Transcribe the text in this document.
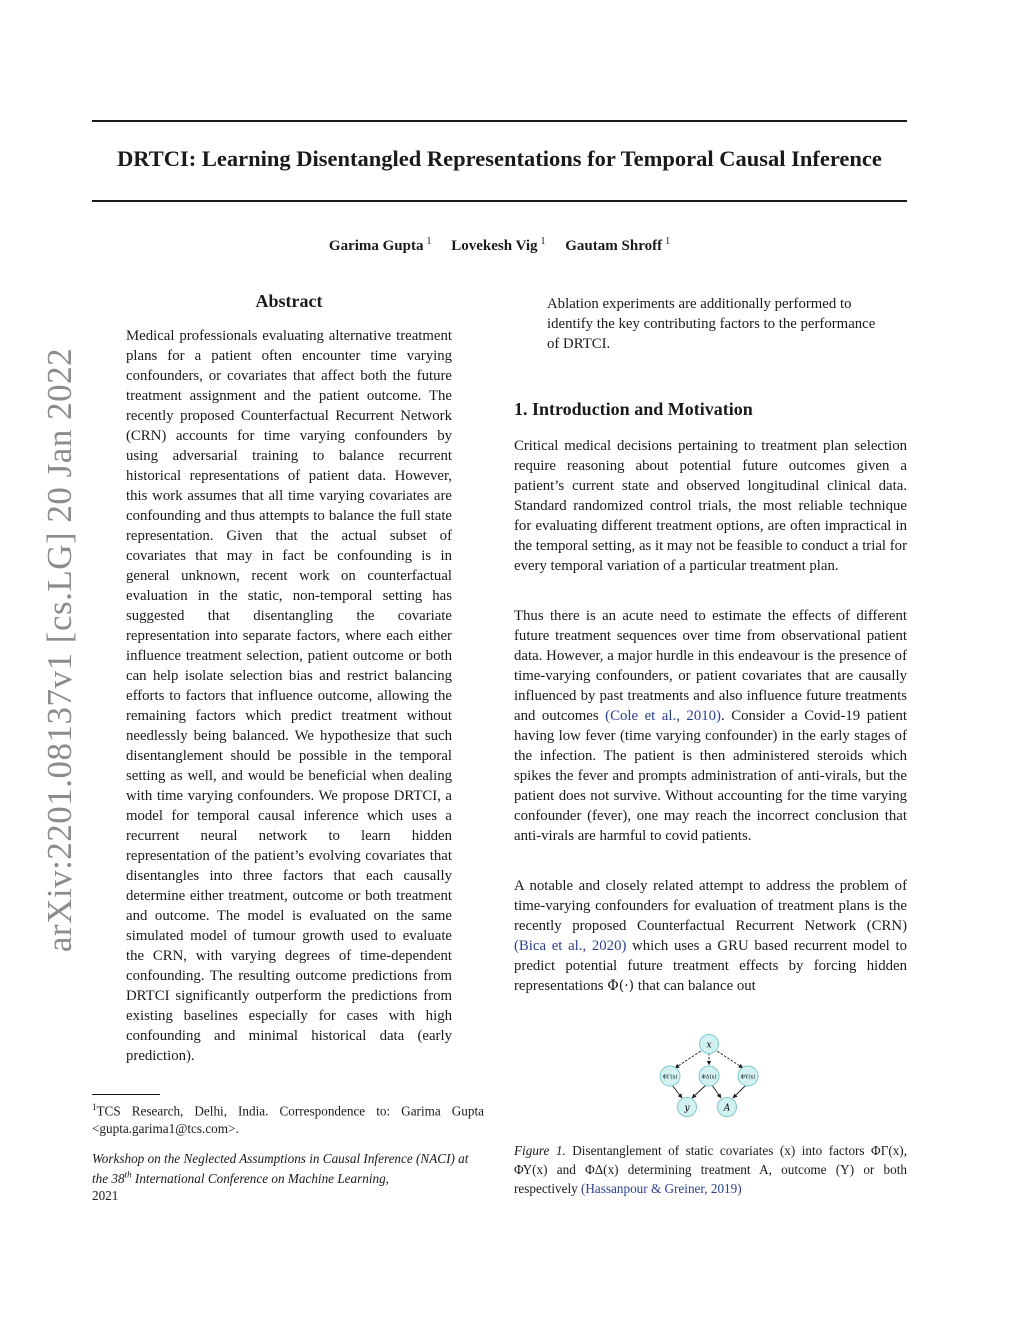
DRTCI: Learning Disentangled Representations for Temporal Causal Inference
Garima Gupta $^1$ Lovekesh Vig $^1$ Gautam Shroff $^1$
arXiv:2201.08137v1 [cs.LG] 20 Jan 2022
Abstract

Medical professionals evaluating alternative treatment plans for a patient often encounter time varying confounders, or covariates that affect both the future treatment assignment and the patient outcome. The recently proposed Counterfactual Recurrent Network (CRN) accounts for time varying confounders by using adversarial training to balance recurrent historical representations of patient data. However, this work assumes that all time varying covariates are confounding and thus attempts to balance the full state representation. Given that the actual subset of covariates that may in fact be confounding is in general unknown, recent work on counterfactual evaluation in the static, non-temporal setting has suggested that disentangling the covariate representation into separate factors, where each either influence treatment selection, patient outcome or both can help isolate selection bias and restrict balancing efforts to factors that influence outcome, allowing the remaining factors which predict treatment without needlessly being balanced. We hypothesize that such disentanglement should be possible in the temporal setting as well, and would be beneficial when dealing with time varying confounders. We propose DRTCI, a model for temporal causal inference which uses a recurrent neural network to learn hidden representation of the patient’s evolving covariates that disentangles into three factors that each causally determine either treatment, outcome or both treatment and outcome. The model is evaluated on the same simulated model of tumour growth used to evaluate the CRN, with varying degrees of time-dependent confounding. The resulting outcome predictions from DRTCI significantly outperform the predictions from existing baselines especially for cases with high confounding and minimal historical data (early prediction).

$^1$TCS Research, Delhi, India. Correspondence to: Garima Gupta <gupta.garima1@tcs.com>.

Workshop on the Neglected Assumptions in Causal Inference (NACI) at the 38th International Conference on Machine Learning,
2021

Ablation experiments are additionally performed to identify the key contributing factors to the performance of DRTCI.

1. Introduction and Motivation

Critical medical decisions pertaining to treatment plan selection require reasoning about potential future outcomes given a patient’s current state and observed longitudinal clinical data. Standard randomized control trials, the most reliable technique for evaluating different treatment options, are often impractical in the temporal setting, as it may not be feasible to conduct a trial for every temporal variation of a particular treatment plan.

Thus there is an acute need to estimate the effects of different future treatment sequences over time from observational patient data. However, a major hurdle in this endeavour is the presence of time-varying confounders, or patient covariates that are causally influenced by past treatments and also influence future treatments and outcomes (Cole et al., 2010). Consider a Covid-19 patient having low fever (time varying confounder) in the early stages of the infection. The patient is then administered steroids which spikes the fever and prompts administration of anti-virals, but the patient does not survive. Without accounting for the time varying confounder (fever), one may reach the incorrect conclusion that anti-virals are harmful to covid patients.

A notable and closely related attempt to address the problem of time-varying confounders for evaluation of treatment plans is the recently proposed Counterfactual Recurrent Network (CRN) (Bica et al., 2020) which uses a GRU based recurrent model to predict potential future treatment effects by forcing hidden representations Φ(·) that can balance out

x
ΦΓ(x)	ΦΔ(x)	ΦΥ(x)
y	A

Figure 1. Disentanglement of static covariates (x) into factors ΦΓ(x), ΦΥ(x) and ΦΔ(x) determining treatment A, outcome (Y) or both respectively (Hassanpour & Greiner, 2019)
